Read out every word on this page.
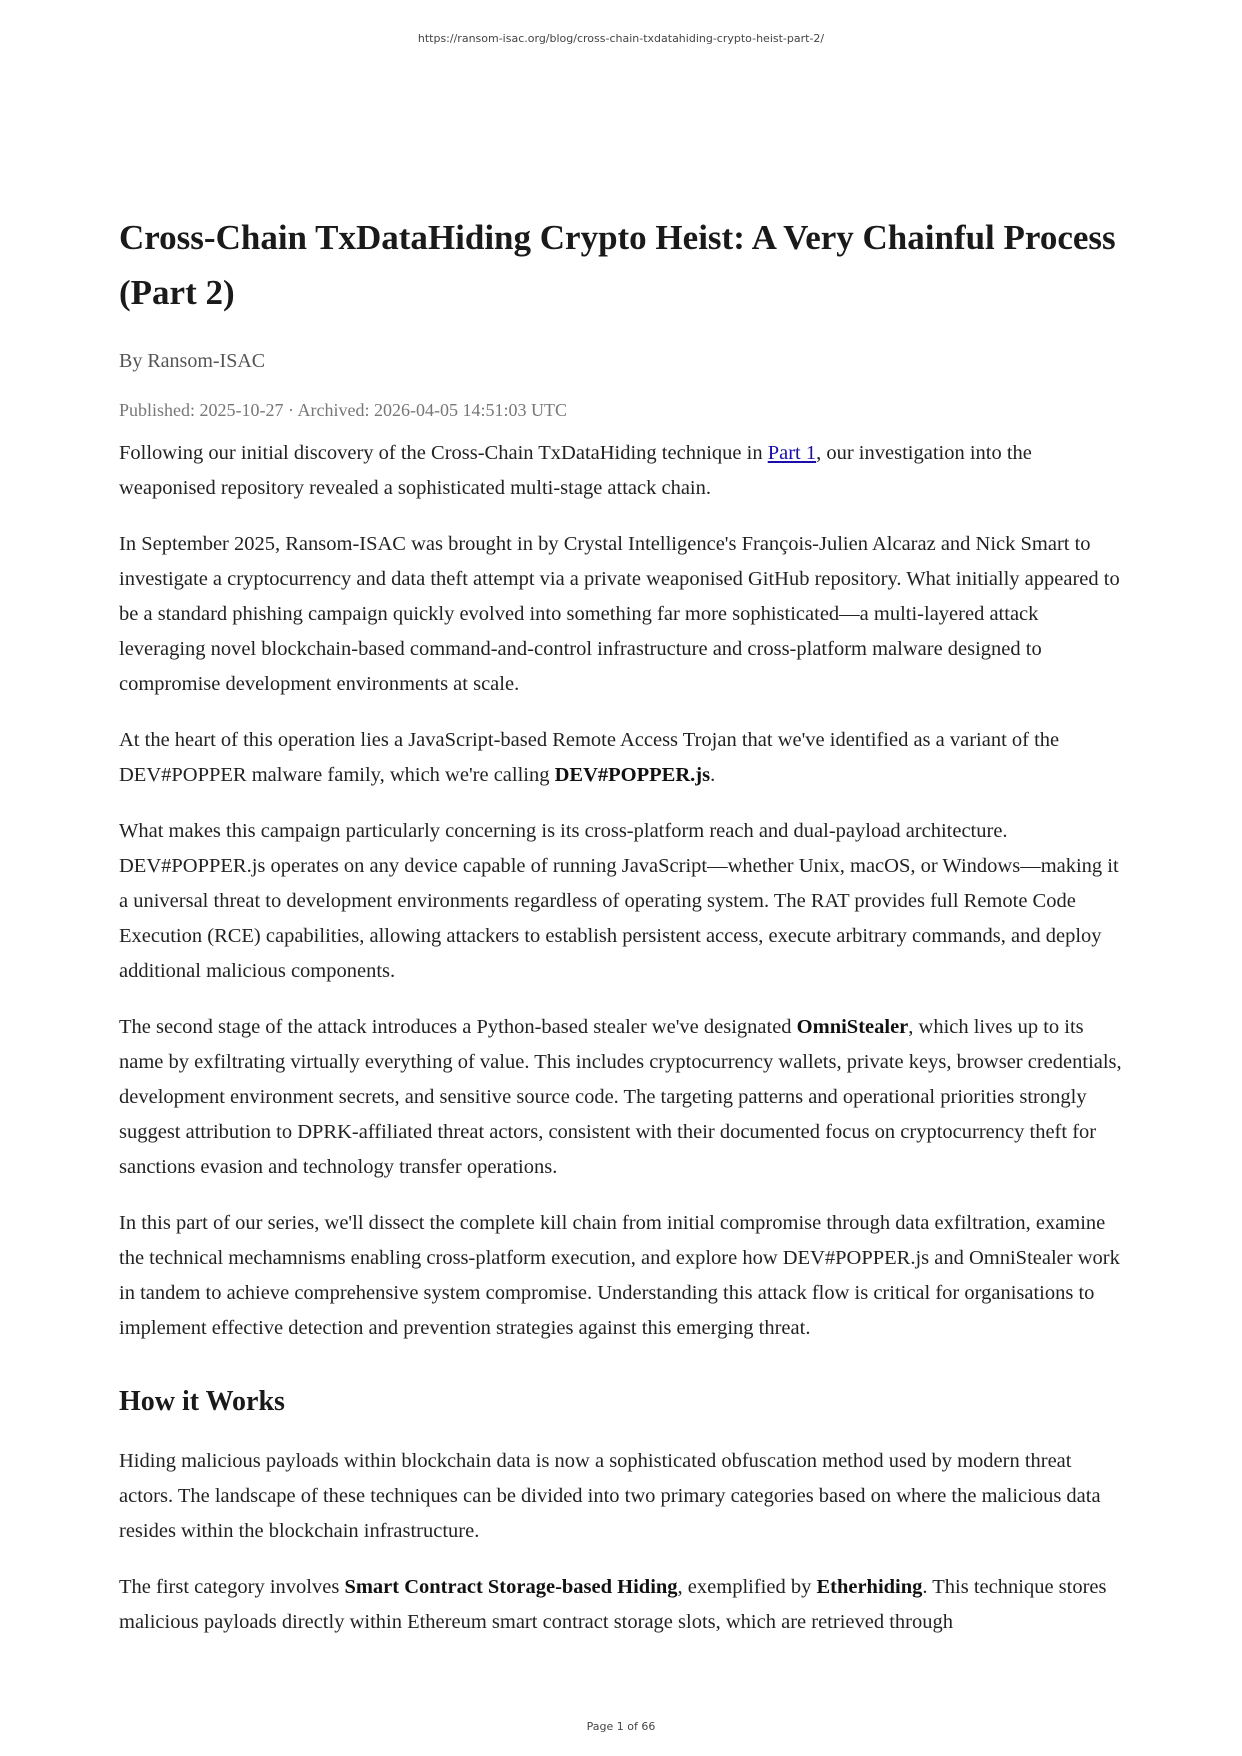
https://ransom-isac.org/blog/cross-chain-txdatahiding-crypto-heist-part-2/
Cross-Chain TxDataHiding Crypto Heist: A Very Chainful Process (Part 2)
By Ransom-ISAC
Published: 2025-10-27 · Archived: 2026-04-05 14:51:03 UTC

Following our initial discovery of the Cross-Chain TxDataHiding technique in Part 1, our investigation into the weaponised repository revealed a sophisticated multi-stage attack chain.

In September 2025, Ransom-ISAC was brought in by Crystal Intelligence's François-Julien Alcaraz and Nick Smart to investigate a cryptocurrency and data theft attempt via a private weaponised GitHub repository. What initially appeared to be a standard phishing campaign quickly evolved into something far more sophisticated—a multi-layered attack leveraging novel blockchain-based command-and-control infrastructure and cross-platform malware designed to compromise development environments at scale.

At the heart of this operation lies a JavaScript-based Remote Access Trojan that we've identified as a variant of the DEV#POPPER malware family, which we're calling DEV#POPPER.js.

What makes this campaign particularly concerning is its cross-platform reach and dual-payload architecture. DEV#POPPER.js operates on any device capable of running JavaScript—whether Unix, macOS, or Windows—making it a universal threat to development environments regardless of operating system. The RAT provides full Remote Code Execution (RCE) capabilities, allowing attackers to establish persistent access, execute arbitrary commands, and deploy additional malicious components.

The second stage of the attack introduces a Python-based stealer we've designated OmniStealer, which lives up to its name by exfiltrating virtually everything of value. This includes cryptocurrency wallets, private keys, browser credentials, development environment secrets, and sensitive source code. The targeting patterns and operational priorities strongly suggest attribution to DPRK-affiliated threat actors, consistent with their documented focus on cryptocurrency theft for sanctions evasion and technology transfer operations.

In this part of our series, we'll dissect the complete kill chain from initial compromise through data exfiltration, examine the technical mechamnisms enabling cross-platform execution, and explore how DEV#POPPER.js and OmniStealer work in tandem to achieve comprehensive system compromise. Understanding this attack flow is critical for organisations to implement effective detection and prevention strategies against this emerging threat.

How it Works

Hiding malicious payloads within blockchain data is now a sophisticated obfuscation method used by modern threat actors. The landscape of these techniques can be divided into two primary categories based on where the malicious data resides within the blockchain infrastructure.

The first category involves Smart Contract Storage-based Hiding, exemplified by Etherhiding. This technique stores malicious payloads directly within Ethereum smart contract storage slots, which are retrieved through

Page 1 of 66
